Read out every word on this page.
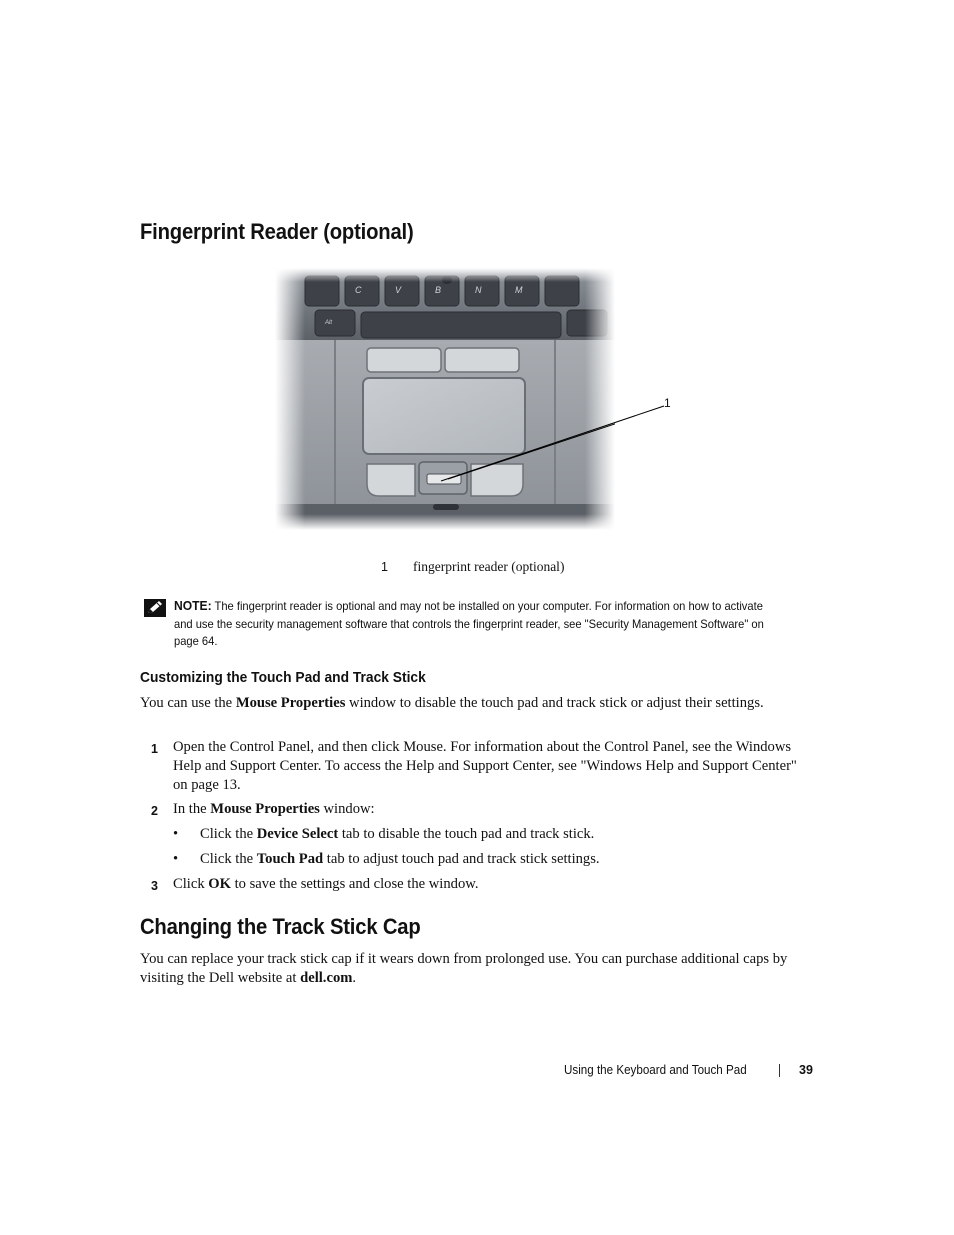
Fingerprint Reader (optional)
C	V	B	N	M
Alt
1
1 fingerprint reader (optional)
NOTE: The fingerprint reader is optional and may not be installed on your computer. For information on how to activate and use the security management software that controls the fingerprint reader, see "Security Management Software" on page 64.
Customizing the Touch Pad and Track Stick

You can use the Mouse Properties window to disable the touch pad and track stick or adjust their settings.

1 Open the Control Panel, and then click Mouse. For information about the Control Panel, see the Windows Help and Support Center. To access the Help and Support Center, see "Windows Help and Support Center" on page 13.
2 In the Mouse Properties window:
• Click the Device Select tab to disable the touch pad and track stick.
• Click the Touch Pad tab to adjust touch pad and track stick settings.
3 Click OK to save the settings and close the window.
Changing the Track Stick Cap

You can replace your track stick cap if it wears down from prolonged use. You can purchase additional caps by visiting the Dell website at dell.com.

Using the Keyboard and Touch Pad	39
